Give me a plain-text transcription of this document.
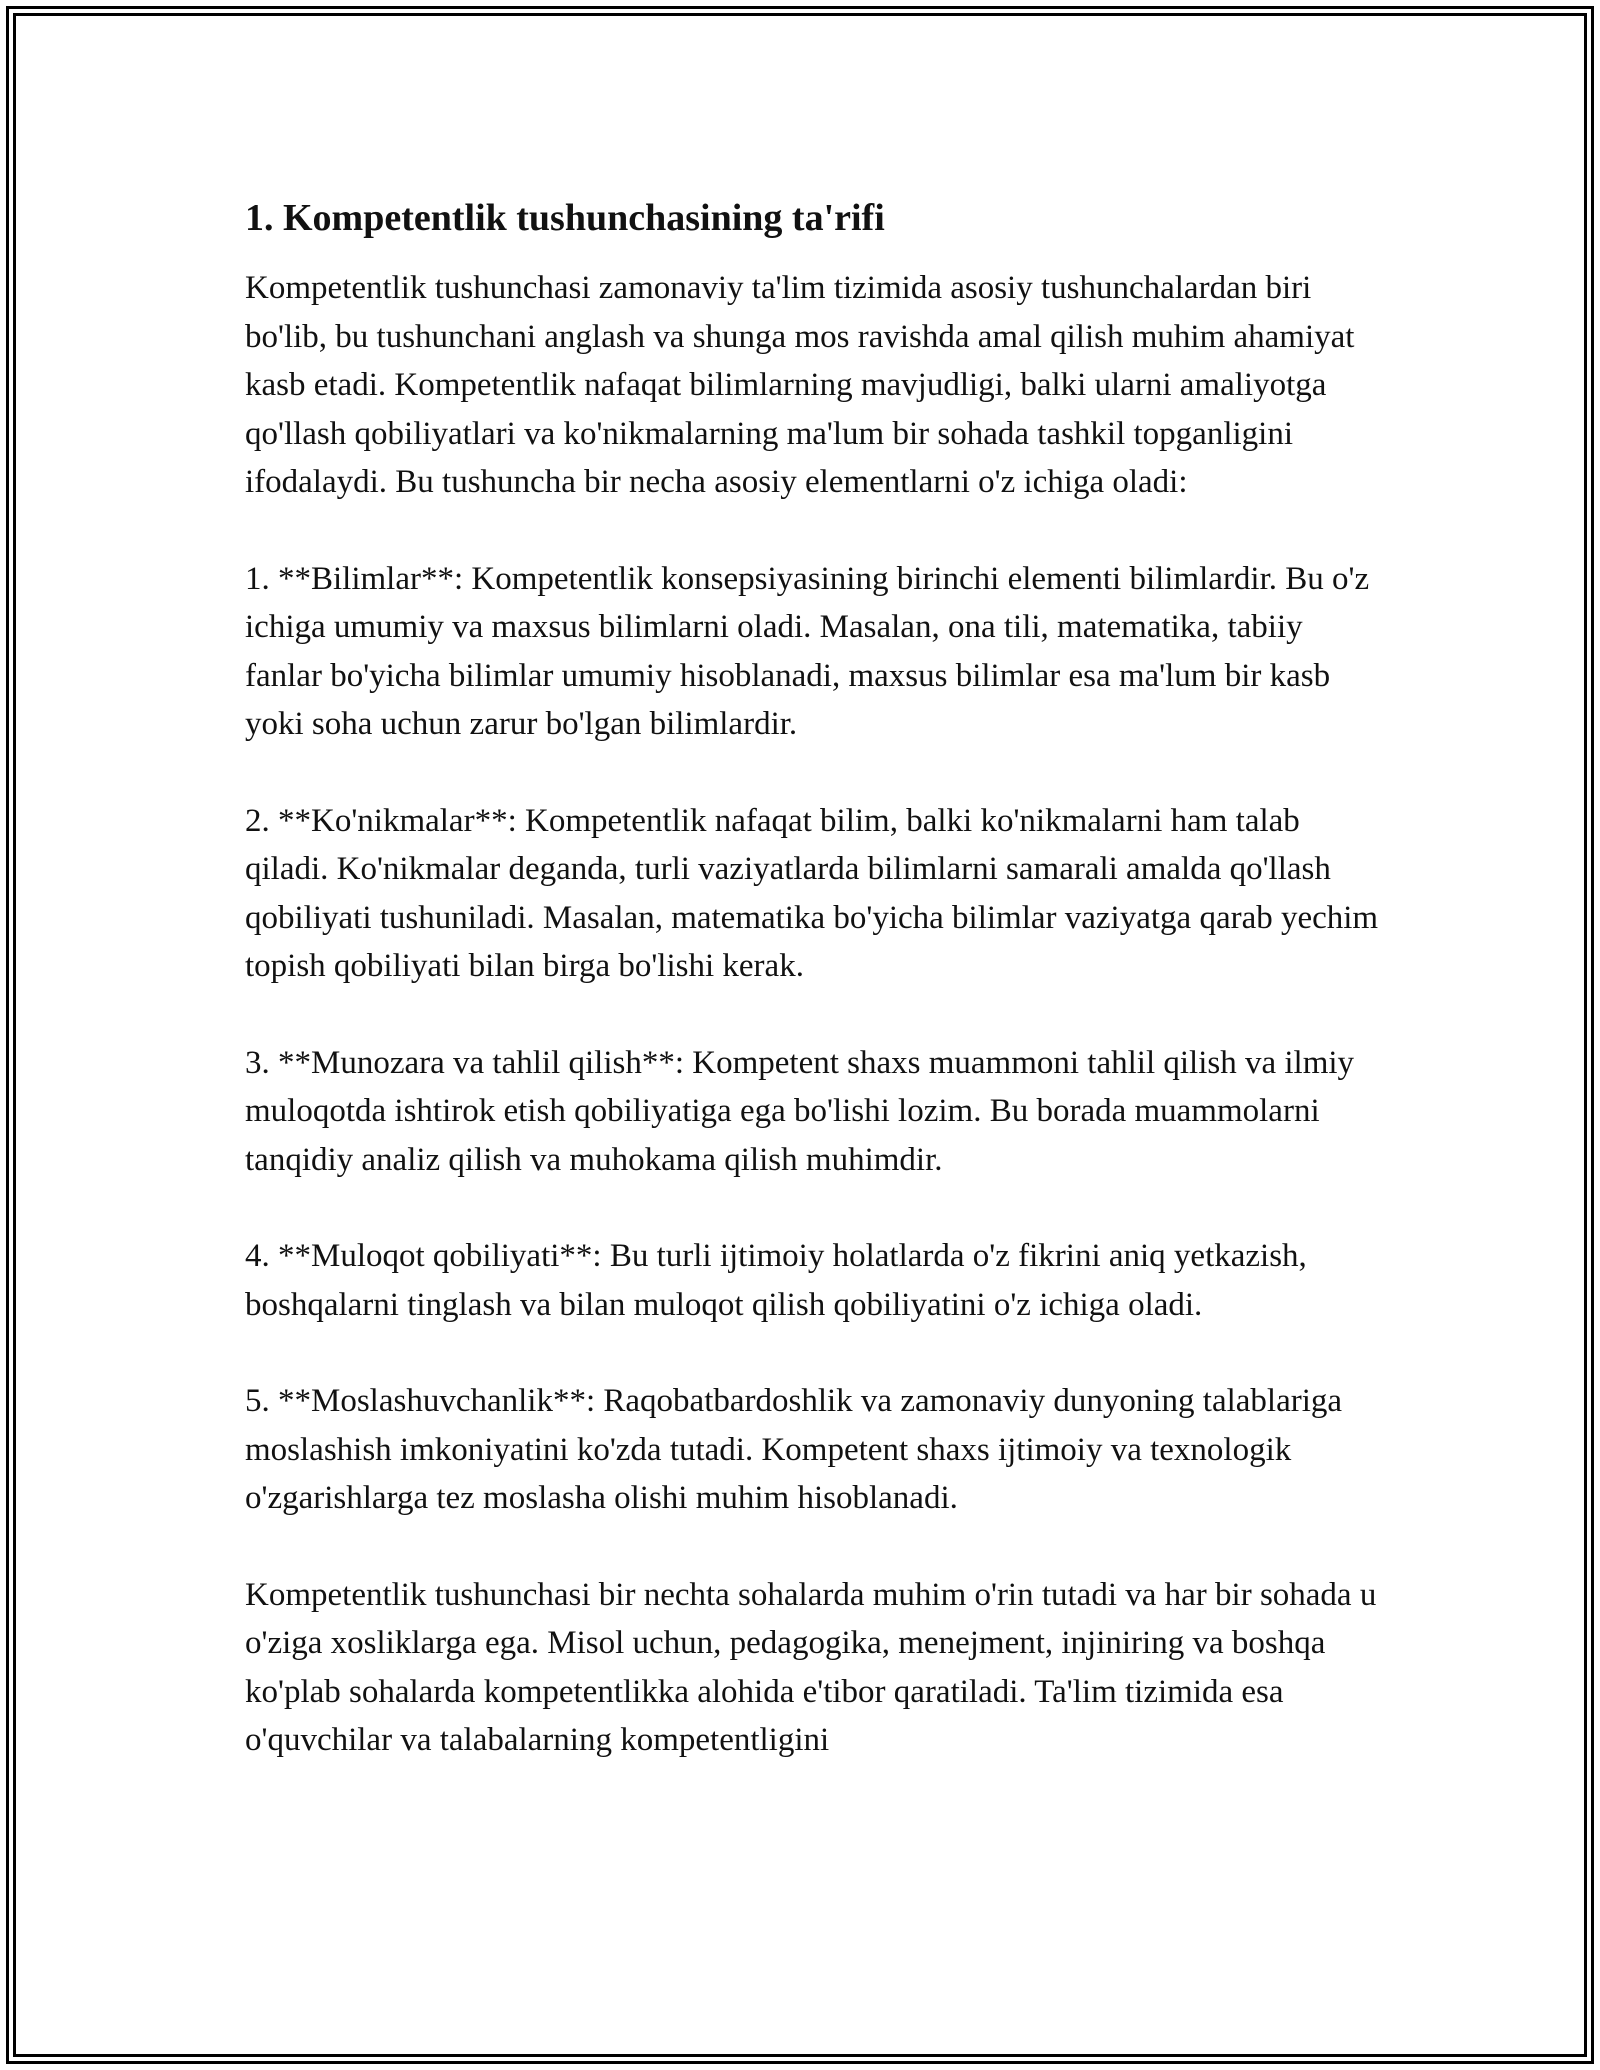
1. Kompetentlik tushunchasining ta'rifi

Kompetentlik tushunchasi zamonaviy ta'lim tizimida asosiy tushunchalardan biri bo'lib, bu tushunchani anglash va shunga mos ravishda amal qilish muhim ahamiyat kasb etadi. Kompetentlik nafaqat bilimlarning mavjudligi, balki ularni amaliyotga qo'llash qobiliyatlari va ko'nikmalarning ma'lum bir sohada tashkil topganligini ifodalaydi. Bu tushuncha bir necha asosiy elementlarni o'z ichiga oladi:

1. **Bilimlar**: Kompetentlik konsepsiyasining birinchi elementi bilimlardir. Bu o'z ichiga umumiy va maxsus bilimlarni oladi. Masalan, ona tili, matematika, tabiiy fanlar bo'yicha bilimlar umumiy hisoblanadi, maxsus bilimlar esa ma'lum bir kasb yoki soha uchun zarur bo'lgan bilimlardir.

2. **Ko'nikmalar**: Kompetentlik nafaqat bilim, balki ko'nikmalarni ham talab qiladi. Ko'nikmalar deganda, turli vaziyatlarda bilimlarni samarali amalda qo'llash qobiliyati tushuniladi. Masalan, matematika bo'yicha bilimlar vaziyatga qarab yechim topish qobiliyati bilan birga bo'lishi kerak.

3. **Munozara va tahlil qilish**: Kompetent shaxs muammoni tahlil qilish va ilmiy muloqotda ishtirok etish qobiliyatiga ega bo'lishi lozim. Bu borada muammolarni tanqidiy analiz qilish va muhokama qilish muhimdir.

4. **Muloqot qobiliyati**: Bu turli ijtimoiy holatlarda o'z fikrini aniq yetkazish, boshqalarni tinglash va bilan muloqot qilish qobiliyatini o'z ichiga oladi.

5. **Moslashuvchanlik**: Raqobatbardoshlik va zamonaviy dunyoning talablariga moslashish imkoniyatini ko'zda tutadi. Kompetent shaxs ijtimoiy va texnologik o'zgarishlarga tez moslasha olishi muhim hisoblanadi.

Kompetentlik tushunchasi bir nechta sohalarda muhim o'rin tutadi va har bir sohada u o'ziga xosliklarga ega. Misol uchun, pedagogika, menejment, injiniring va boshqa ko'plab sohalarda kompetentlikka alohida e'tibor qaratiladi. Ta'lim tizimida esa o'quvchilar va talabalarning kompetentligini
